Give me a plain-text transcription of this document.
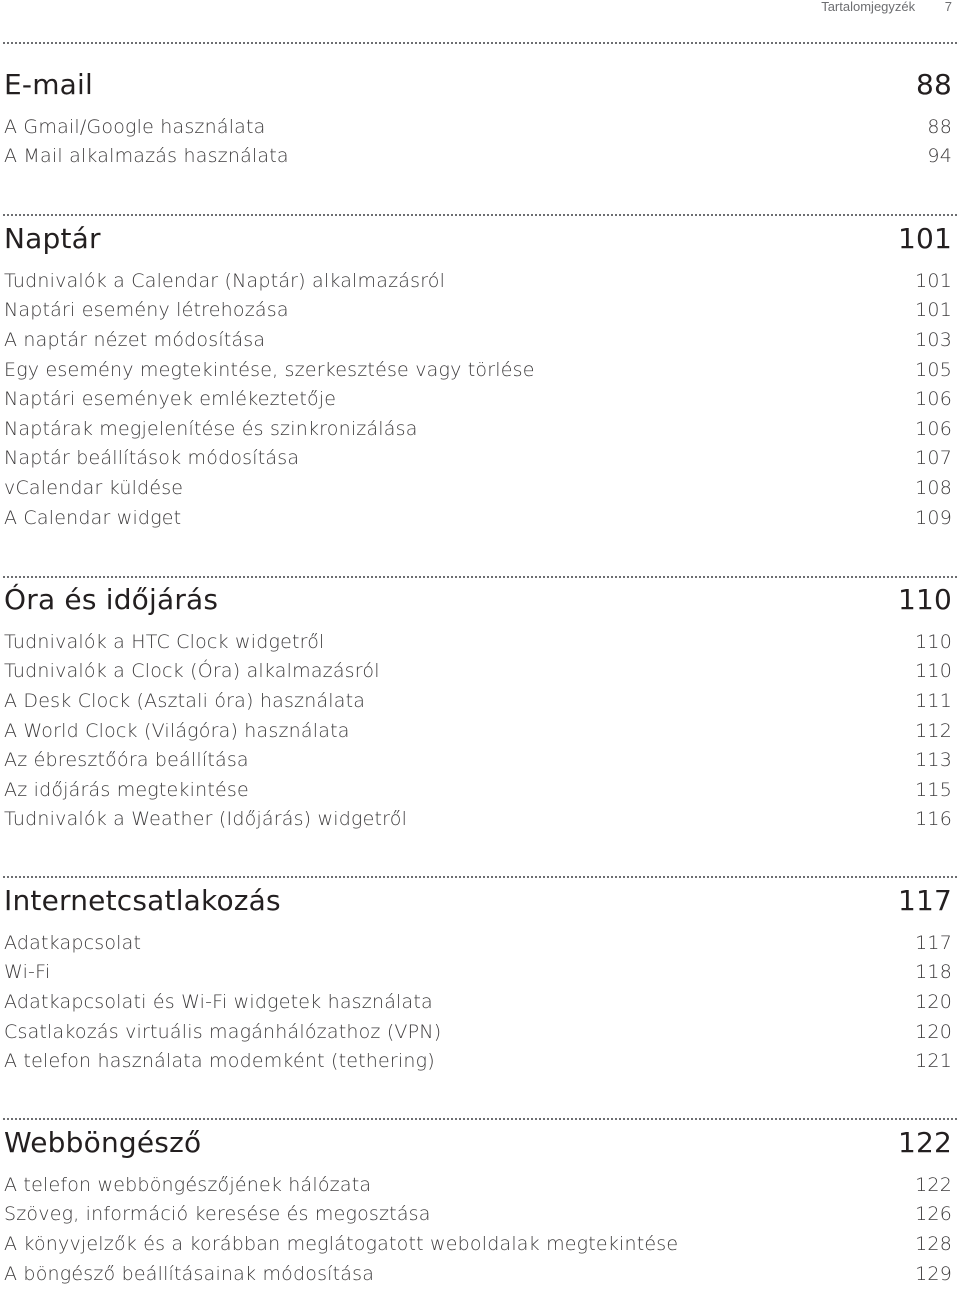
Tartalomjegyzék 7
E-mail	88
A Gmail/Google használata	88
A Mail alkalmazás használata	94
Naptár	101
Tudnivalók a Calendar (Naptár) alkalmazásról	101
Naptári esemény létrehozása	101
A naptár nézet módosítása	103
Egy esemény megtekintése, szerkesztése vagy törlése	105
Naptári események emlékeztetője	106
Naptárak megjelenítése és szinkronizálása	106
Naptár beállítások módosítása	107
vCalendar küldése	108
A Calendar widget	109
Óra és időjárás	110
Tudnivalók a HTC Clock widgetről	110
Tudnivalók a Clock (Óra) alkalmazásról	110
A Desk Clock (Asztali óra) használata	111
A World Clock (Világóra) használata	112
Az ébresztőóra beállítása	113
Az időjárás megtekintése	115
Tudnivalók a Weather (Időjárás) widgetről	116
Internetcsatlakozás	117
Adatkapcsolat	117
Wi-Fi	118
Adatkapcsolati és Wi-Fi widgetek használata	120
Csatlakozás virtuális magánhálózathoz (VPN)	120
A telefon használata modemként (tethering)	121
Webböngésző	122
A telefon webböngészőjének hálózata	122
Szöveg, információ keresése és megosztása	126
A könyvjelzők és a korábban meglátogatott weboldalak megtekintése	128
A böngésző beállításainak módosítása	129
